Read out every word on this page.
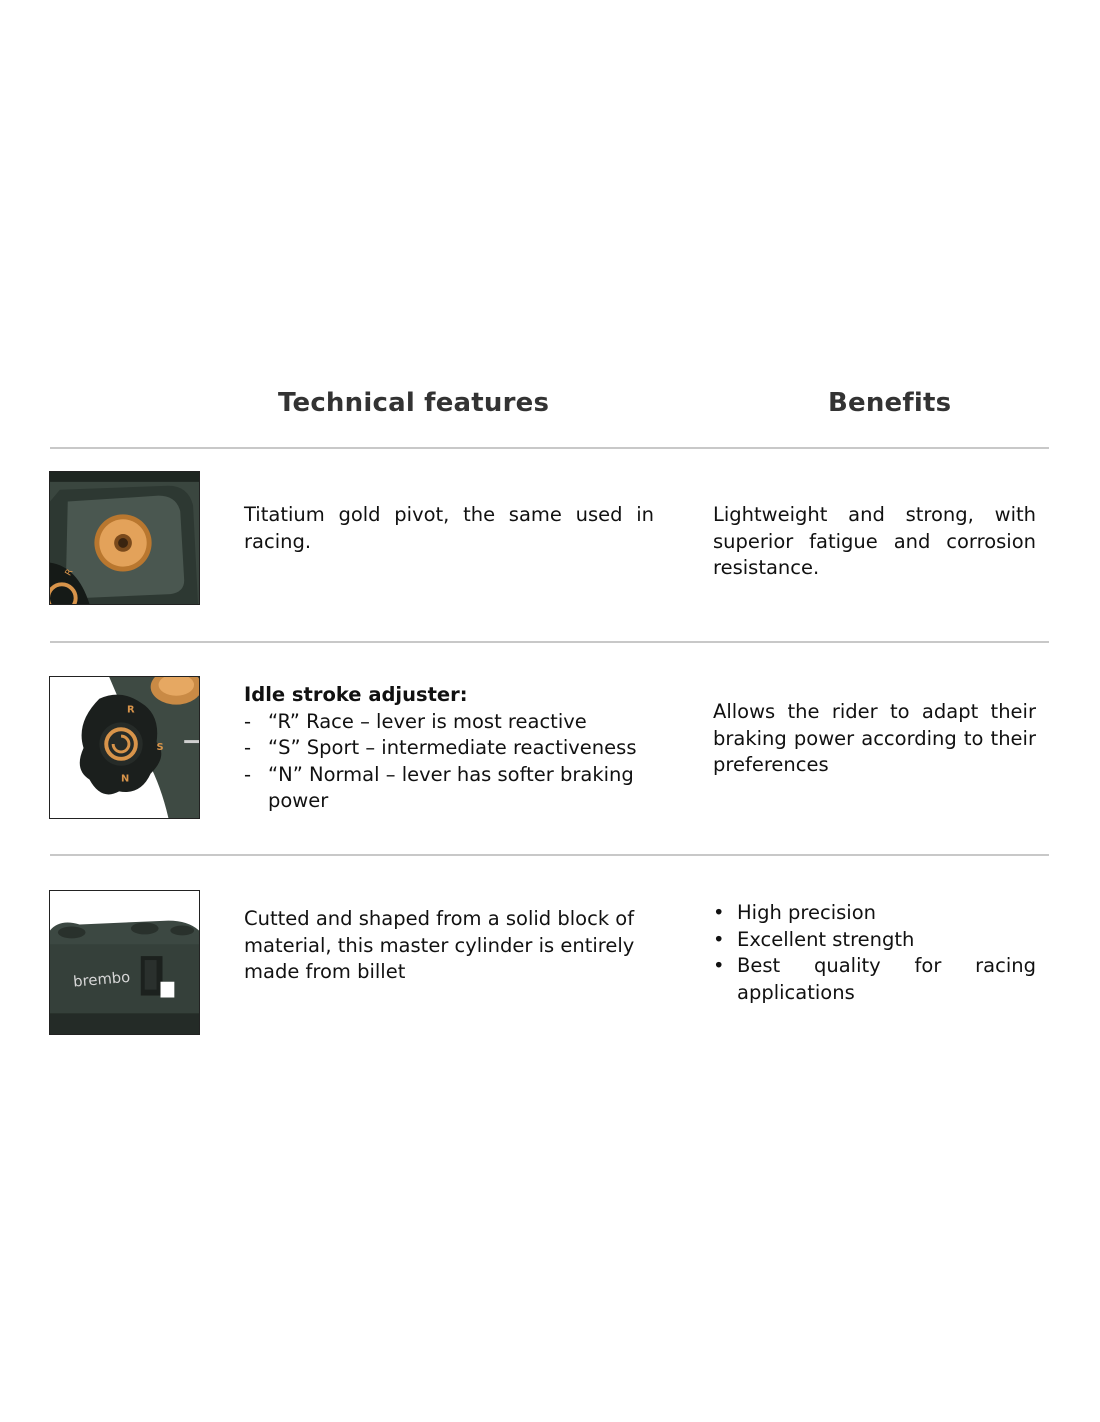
Technical features	Benefits
R
Titatium gold pivot, the same used in racing.
Lightweight and strong, with superior fatigue and corrosion resistance.
R
S
N
Idle stroke adjuster:
- “R” Race – lever is most reactive
- “S” Sport – intermediate reactiveness
- “N” Normal – lever has softer braking power
Allows the rider to adapt their braking power according to their preferences
brembo
Cutted and shaped from a solid block of material, this master cylinder is entirely made from billet
• High precision
• Excellent strength
• Best quality for racing applications
